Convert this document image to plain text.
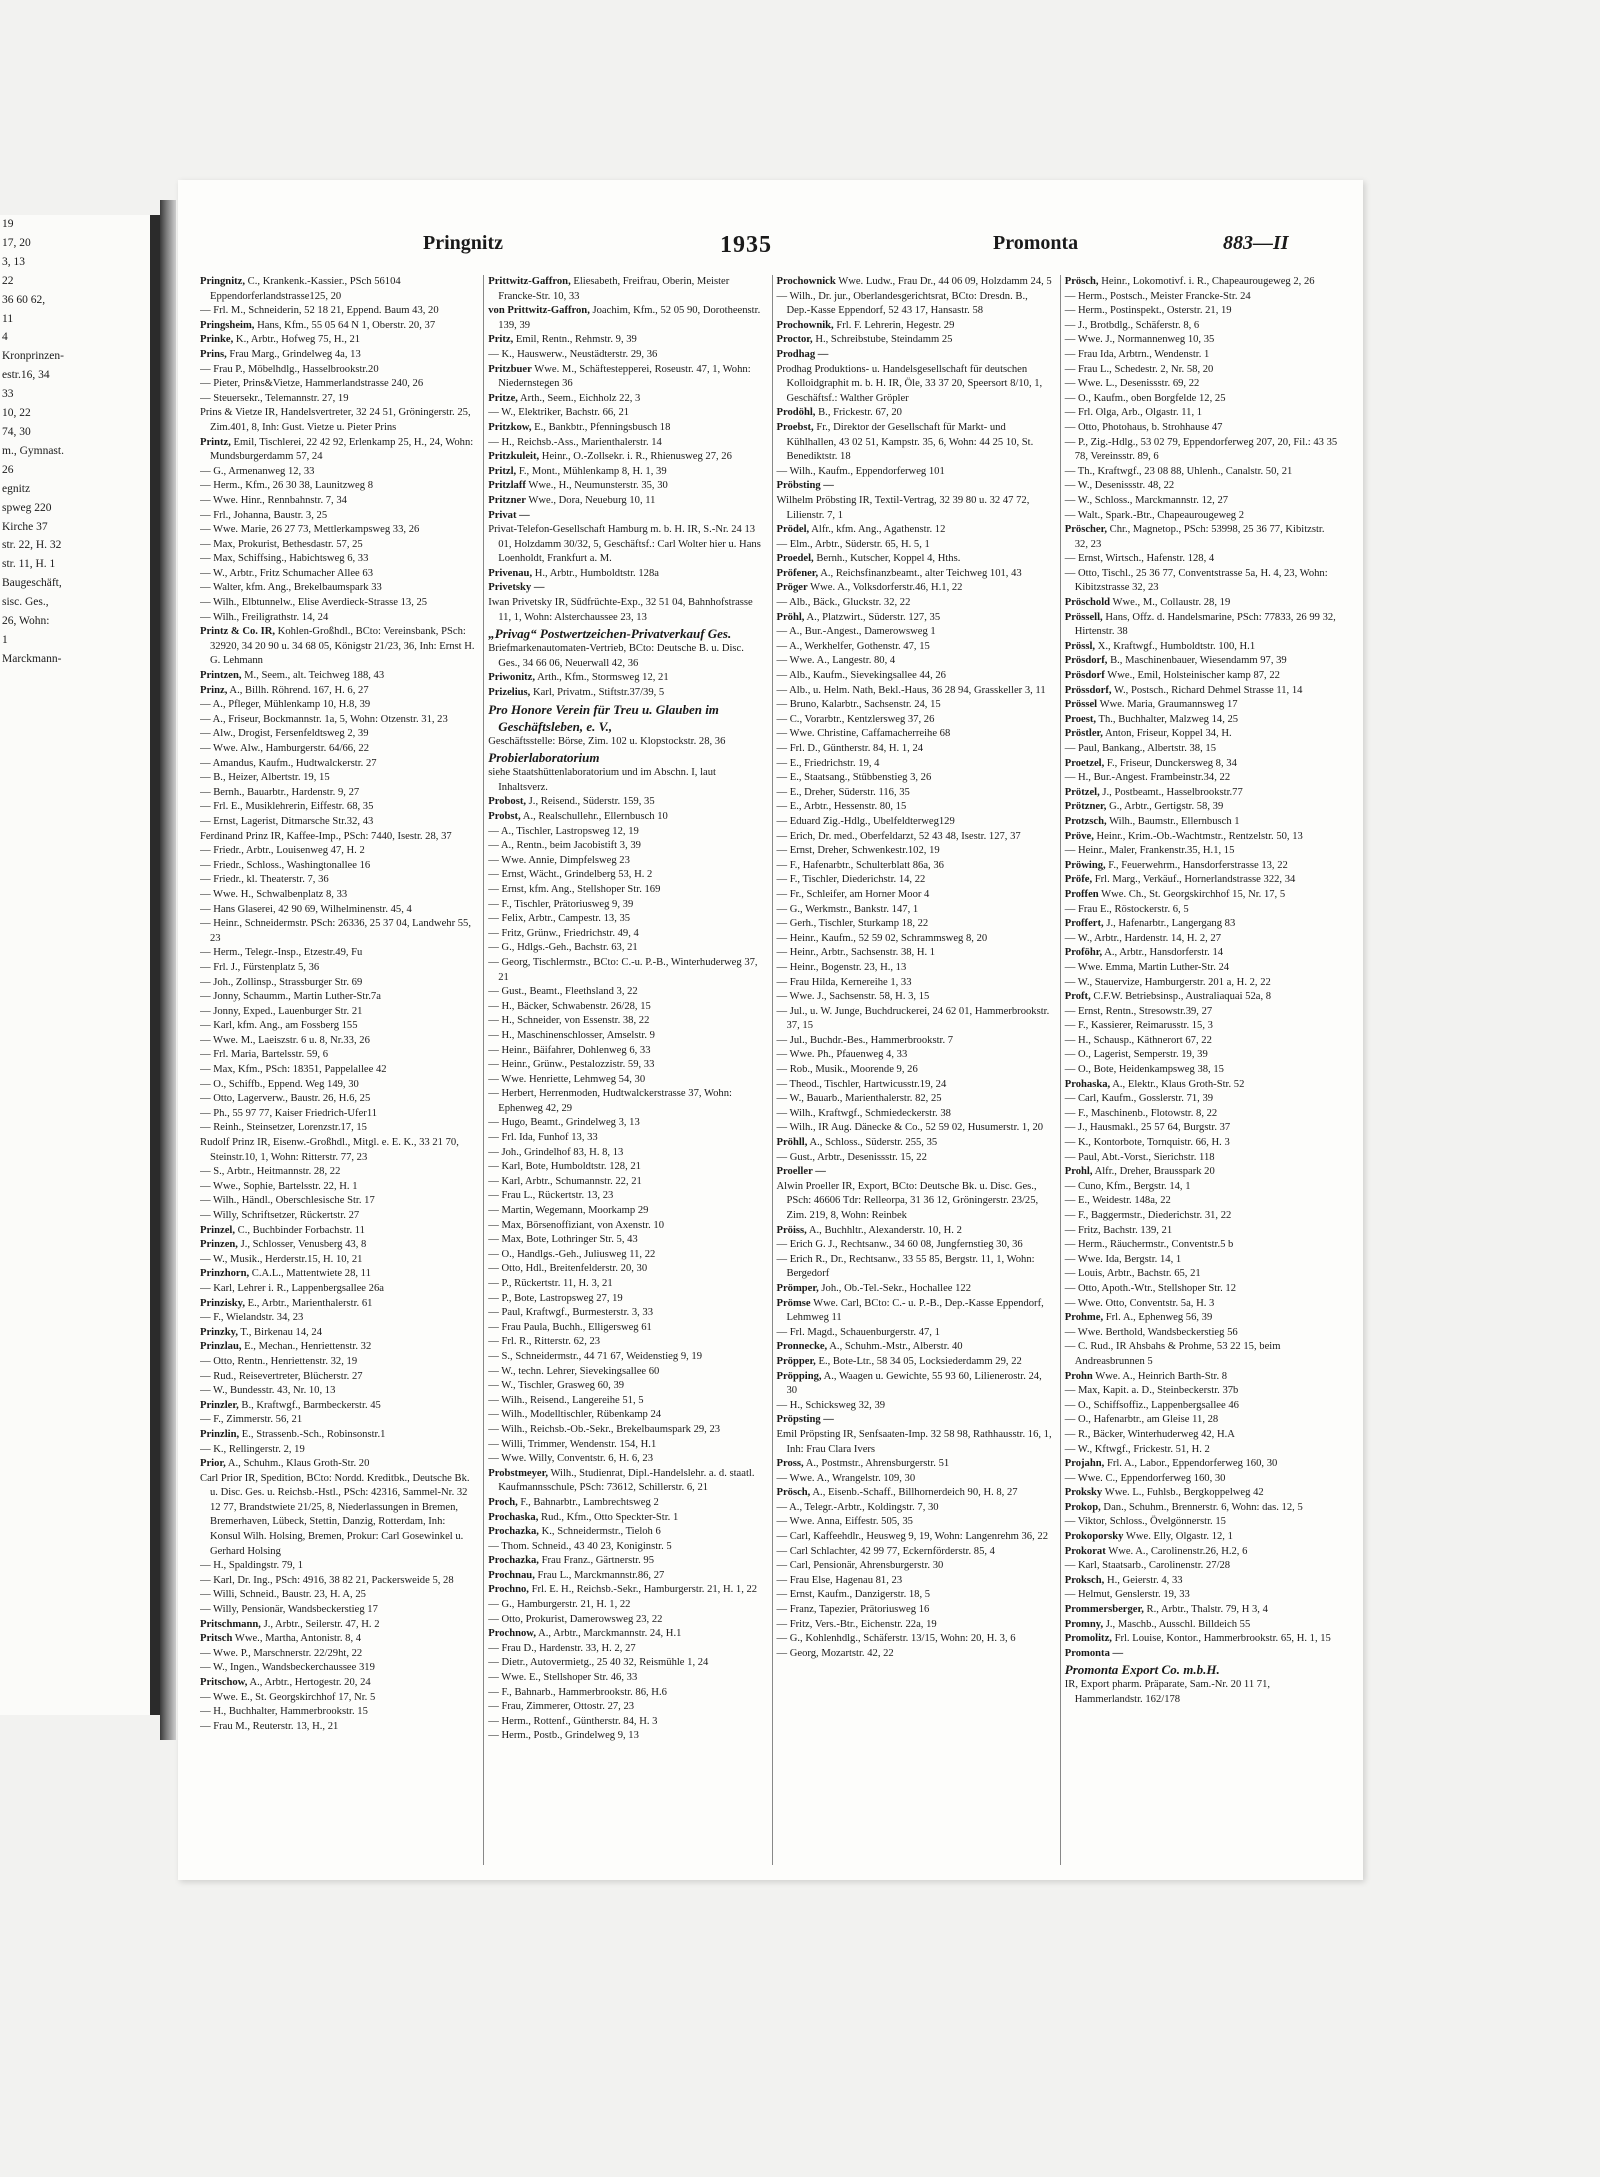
19
17, 20
3, 13
22
36 60 62,
11
4
Kronprinzen-
estr.16, 34
33
10, 22
74, 30
m., Gymnast.
26
egnitz
spweg 220
Kirche 37
str. 22, H. 32
str. 11, H. 1
Baugeschäft,
sisc. Ges.,
26, Wohn:
1
Marckmann-
Pringnitz	1935	Promonta	883—II
Pringnitz, C., Krankenk.-Kassier., PSch 56104 Eppendorferlandstrasse125, 20
— Frl. M., Schneiderin, 52 18 21, Eppend. Baum 43, 20
Pringsheim, Hans, Kfm., 55 05 64 N 1, Oberstr. 20, 37
Prinke, K., Arbtr., Hofweg 75, H., 21
Prins, Frau Marg., Grindelweg 4a, 13
— Frau P., Möbelhdlg., Hasselbrookstr.20
— Pieter, Prins&Vietze, Hammerlandstrasse 240, 26
— Steuersekr., Telemannstr. 27, 19
Prins & Vietze IR, Handelsvertreter, 32 24 51, Gröningerstr. 25, Zim.401, 8, Inh: Gust. Vietze u. Pieter Prins
Printz, Emil, Tischlerei, 22 42 92, Erlenkamp 25, H., 24, Wohn: Mundsburgerdamm 57, 24
— G., Armenanweg 12, 33
— Herm., Kfm., 26 30 38, Launitzweg 8
— Wwe. Hinr., Rennbahnstr. 7, 34
— Frl., Johanna, Baustr. 3, 25
— Wwe. Marie, 26 27 73, Mettlerkampsweg 33, 26
— Max, Prokurist, Bethesdastr. 57, 25
— Max, Schiffsing., Habichtsweg 6, 33
— W., Arbtr., Fritz Schumacher Allee 63
— Walter, kfm. Ang., Brekelbaumspark 33
— Wilh., Elbtunnelw., Elise Averdieck-Strasse 13, 25
— Wilh., Freiligrathstr. 14, 24
Printz & Co. IR, Kohlen-Großhdl., BCto: Vereinsbank, PSch: 32920, 34 20 90 u. 34 68 05, Königstr 21/23, 36, Inh: Ernst H. G. Lehmann
Printzen, M., Seem., alt. Teichweg 188, 43
Prinz, A., Billh. Röhrend. 167, H. 6, 27
— A., Pfleger, Mühlenkamp 10, H.8, 39
— A., Friseur, Bockmannstr. 1a, 5, Wohn: Otzenstr. 31, 23
— Alw., Drogist, Fersenfeldtsweg 2, 39
— Wwe. Alw., Hamburgerstr. 64/66, 22
— Amandus, Kaufm., Hudtwalckerstr. 27
— B., Heizer, Albertstr. 19, 15
— Bernh., Bauarbtr., Hardenstr. 9, 27
— Frl. E., Musiklehrerin, Eiffestr. 68, 35
— Ernst, Lagerist, Ditmarsche Str.32, 43
Ferdinand Prinz IR, Kaffee-Imp., PSch: 7440, Isestr. 28, 37
— Friedr., Arbtr., Louisenweg 47, H. 2
— Friedr., Schloss., Washingtonallee 16
— Friedr., kl. Theaterstr. 7, 36
— Wwe. H., Schwalbenplatz 8, 33
— Hans Glaserei, 42 90 69, Wilhelminenstr. 45, 4
— Heinr., Schneidermstr. PSch: 26336, 25 37 04, Landwehr 55, 23
— Herm., Telegr.-Insp., Etzestr.49, Fu
— Frl. J., Fürstenplatz 5, 36
— Joh., Zollinsp., Strassburger Str. 69
— Jonny, Schaumm., Martin Luther-Str.7a
— Jonny, Exped., Lauenburger Str. 21
— Karl, kfm. Ang., am Fossberg 155
— Wwe. M., Laeiszstr. 6 u. 8, Nr.33, 26
— Frl. Maria, Bartelsstr. 59, 6
— Max, Kfm., PSch: 18351, Pappelallee 42
— O., Schiffb., Eppend. Weg 149, 30
— Otto, Lagerverw., Baustr. 26, H.6, 25
— Ph., 55 97 77, Kaiser Friedrich-Ufer11
— Reinh., Steinsetzer, Lorenzstr.17, 15
Rudolf Prinz IR, Eisenw.-Großhdl., Mitgl. e. E. K., 33 21 70, Steinstr.10, 1, Wohn: Ritterstr. 77, 23
— S., Arbtr., Heitmannstr. 28, 22
— Wwe., Sophie, Bartelsstr. 22, H. 1
— Wilh., Händl., Oberschlesische Str. 17
— Willy, Schriftsetzer, Rückertstr. 27
Prinzel, C., Buchbinder Forbachstr. 11
Prinzen, J., Schlosser, Venusberg 43, 8
— W., Musik., Herderstr.15, H. 10, 21
Prinzhorn, C.A.L., Mattentwiete 28, 11
— Karl, Lehrer i. R., Lappenbergsallee 26a
Prinzisky, E., Arbtr., Marienthalerstr. 61
— F., Wielandstr. 34, 23
Prinzky, T., Birkenau 14, 24
Prinzlau, E., Mechan., Henriettenstr. 32
— Otto, Rentn., Henriettenstr. 32, 19
— Rud., Reisevertreter, Blücherstr. 27
— W., Bundesstr. 43, Nr. 10, 13
Prinzler, B., Kraftwgf., Barmbeckerstr. 45
— F., Zimmerstr. 56, 21
Prinzlin, E., Strassenb.-Sch., Robinsonstr.1
— K., Rellingerstr. 2, 19
Prior, A., Schuhm., Klaus Groth-Str. 20
Carl Prior IR, Spedition, BCto: Nordd. Kreditbk., Deutsche Bk. u. Disc. Ges. u. Reichsb.-Hstl., PSch: 42316, Sammel-Nr. 32 12 77, Brandstwiete 21/25, 8, Niederlassungen in Bremen, Bremerhaven, Lübeck, Stettin, Danzig, Rotterdam, Inh: Konsul Wilh. Holsing, Bremen, Prokur: Carl Gosewinkel u. Gerhard Holsing
— H., Spaldingstr. 79, 1
— Karl, Dr. Ing., PSch: 4916, 38 82 21, Packersweide 5, 28
— Willi, Schneid., Baustr. 23, H. A, 25
— Willy, Pensionär, Wandsbeckerstieg 17
Pritschmann, J., Arbtr., Seilerstr. 47, H. 2
Pritsch Wwe., Martha, Antonistr. 8, 4
— Wwe. P., Marschnerstr. 22/29ht, 22
— W., Ingen., Wandsbeckerchaussee 319
Pritschow, A., Arbtr., Hertogestr. 20, 24
— Wwe. E., St. Georgskirchhof 17, Nr. 5
— H., Buchhalter, Hammerbrookstr. 15
— Frau M., Reuterstr. 13, H., 21
Prittwitz-Gaffron, Eliesabeth, Freifrau, Oberin, Meister Francke-Str. 10, 33
von Prittwitz-Gaffron, Joachim, Kfm., 52 05 90, Dorotheenstr. 139, 39
Pritz, Emil, Rentn., Rehmstr. 9, 39
— K., Hauswerw., Neustädterstr. 29, 36
Pritzbuer Wwe. M., Schäftestepperei, Roseustr. 47, 1, Wohn: Niedernstegen 36
Pritze, Arth., Seem., Eichholz 22, 3
— W., Elektriker, Bachstr. 66, 21
Pritzkow, E., Bankbtr., Pfenningsbusch 18
— H., Reichsb.-Ass., Marienthalerstr. 14
Pritzkuleit, Heinr., O.-Zollsekr. i. R., Rhienusweg 27, 26
Pritzl, F., Mont., Mühlenkamp 8, H. 1, 39
Pritzlaff Wwe., H., Neumunsterstr. 35, 30
Pritzner Wwe., Dora, Neueburg 10, 11
Privat —
Privat-Telefon-Gesellschaft Hamburg m. b. H. IR, S.-Nr. 24 13 01, Holzdamm 30/32, 5, Geschäftsf.: Carl Wolter hier u. Hans Loenholdt, Frankfurt a. M.
Privenau, H., Arbtr., Humboldtstr. 128a
Privetsky —
Iwan Privetsky IR, Südfrüchte-Exp., 32 51 04, Bahnhofstrasse 11, 1, Wohn: Alsterchaussee 23, 13
„Privag“ Postwertzeichen-Privatverkauf Ges.
Briefmarkenautomaten-Vertrieb, BCto: Deutsche B. u. Disc. Ges., 34 66 06, Neuerwall 42, 36
Priwonitz, Arth., Kfm., Stormsweg 12, 21
Prizelius, Karl, Privatm., Stiftstr.37/39, 5
Pro Honore Verein für Treu u. Glauben im Geschäftsleben, e. V.,
Geschäftsstelle: Börse, Zim. 102 u. Klopstockstr. 28, 36
Probierlaboratorium
siehe Staatshüttenlaboratorium und im Abschn. I, laut Inhaltsverz.
Probost, J., Reisend., Süderstr. 159, 35
Probst, A., Realschullehr., Ellernbusch 10
— A., Tischler, Lastropsweg 12, 19
— A., Rentn., beim Jacobistift 3, 39
— Wwe. Annie, Dimpfelsweg 23
— Ernst, Wächt., Grindelberg 53, H. 2
— Ernst, kfm. Ang., Stellshoper Str. 169
— F., Tischler, Prätoriusweg 9, 39
— Felix, Arbtr., Campestr. 13, 35
— Fritz, Grünw., Friedrichstr. 49, 4
— G., Hdlgs.-Geh., Bachstr. 63, 21
— Georg, Tischlermstr., BCto: C.-u. P.-B., Winterhuderweg 37, 21
— Gust., Beamt., Fleethsland 3, 22
— H., Bäcker, Schwabenstr. 26/28, 15
— H., Schneider, von Essenstr. 38, 22
— H., Maschinenschlosser, Amselstr. 9
— Heinr., Bäifahrer, Dohlenweg 6, 33
— Heinr., Grünw., Pestalozzistr. 59, 33
— Wwe. Henriette, Lehmweg 54, 30
— Herbert, Herrenmoden, Hudtwalckerstrasse 37, Wohn: Ephenweg 42, 29
— Hugo, Beamt., Grindelweg 3, 13
— Frl. Ida, Funhof 13, 33
— Joh., Grindelhof 83, H. 8, 13
— Karl, Bote, Humboldtstr. 128, 21
— Karl, Arbtr., Schumannstr. 22, 21
— Frau L., Rückertstr. 13, 23
— Martin, Wegemann, Moorkamp 29
— Max, Börsenoffiziant, von Axenstr. 10
— Max, Bote, Lothringer Str. 5, 43
— O., Handlgs.-Geh., Juliusweg 11, 22
— Otto, Hdl., Breitenfelderstr. 20, 30
— P., Rückertstr. 11, H. 3, 21
— P., Bote, Lastropsweg 27, 19
— Paul, Kraftwgf., Burmesterstr. 3, 33
— Frau Paula, Buchh., Elligersweg 61
— Frl. R., Ritterstr. 62, 23
— S., Schneidermstr., 44 71 67, Weidenstieg 9, 19
— W., techn. Lehrer, Sievekingsallee 60
— W., Tischler, Grasweg 60, 39
— Wilh., Reisend., Langereihe 51, 5
— Wilh., Modelltischler, Rübenkamp 24
— Wilh., Reichsb.-Ob.-Sekr., Brekelbaumspark 29, 23
— Willi, Trimmer, Wendenstr. 154, H.1
— Wwe. Willy, Conventstr. 6, H. 6, 23
Probstmeyer, Wilh., Studienrat, Dipl.-Handelslehr. a. d. staatl. Kaufmannsschule, PSch: 73612, Schillerstr. 6, 21
Proch, F., Bahnarbtr., Lambrechtsweg 2
Prochaska, Rud., Kfm., Otto Speckter-Str. 1
Prochazka, K., Schneidermstr., Tieloh 6
— Thom. Schneid., 43 40 23, Koniginstr. 5
Prochazka, Frau Franz., Gärtnerstr. 95
Prochnau, Frau L., Marckmannstr.86, 27
Prochno, Frl. E. H., Reichsb.-Sekr., Hamburgerstr. 21, H. 1, 22
— G., Hamburgerstr. 21, H. 1, 22
— Otto, Prokurist, Damerowsweg 23, 22
Prochnow, A., Arbtr., Marckmannstr. 24, H.1
— Frau D., Hardenstr. 33, H. 2, 27
— Dietr., Autovermietg., 25 40 32, Reismühle 1, 24
— Wwe. E., Stellshoper Str. 46, 33
— F., Bahnarb., Hammerbrookstr. 86, H.6
— Frau, Zimmerer, Ottostr. 27, 23
— Herm., Rottenf., Güntherstr. 84, H. 3
— Herm., Postb., Grindelweg 9, 13
Prochownick Wwe. Ludw., Frau Dr., 44 06 09, Holzdamm 24, 5
— Wilh., Dr. jur., Oberlandesgerichtsrat, BCto: Dresdn. B., Dep.-Kasse Eppendorf, 52 43 17, Hansastr. 58
Prochownik, Frl. F. Lehrerin, Hegestr. 29
Proctor, H., Schreibstube, Steindamm 25
Prodhag —
Prodhag Produktions- u. Handelsgesellschaft für deutschen Kolloidgraphit m. b. H. IR, Öle, 33 37 20, Speersort 8/10, 1, Geschäftsf.: Walther Gröpler
Prodöhl, B., Frickestr. 67, 20
Proebst, Fr., Direktor der Gesellschaft für Markt- und Kühlhallen, 43 02 51, Kampstr. 35, 6, Wohn: 44 25 10, St. Benediktstr. 18
— Wilh., Kaufm., Eppendorferweg 101
Pröbsting —
Wilhelm Pröbsting IR, Textil-Vertrag, 32 39 80 u. 32 47 72, Lilienstr. 7, 1
Prödel, Alfr., kfm. Ang., Agathenstr. 12
— Elm., Arbtr., Süderstr. 65, H. 5, 1
Proedel, Bernh., Kutscher, Koppel 4, Hths.
Pröfener, A., Reichsfinanzbeamt., alter Teichweg 101, 43
Pröger Wwe. A., Volksdorferstr.46, H.1, 22
— Alb., Bäck., Gluckstr. 32, 22
Pröhl, A., Platzwirt., Süderstr. 127, 35
— A., Bur.-Angest., Damerowsweg 1
— A., Werkhelfer, Gothenstr. 47, 15
— Wwe. A., Langestr. 80, 4
— Alb., Kaufm., Sievekingsallee 44, 26
— Alb., u. Helm. Nath, Bekl.-Haus, 36 28 94, Grasskeller 3, 11
— Bruno, Kalarbtr., Sachsenstr. 24, 15
— C., Vorarbtr., Kentzlersweg 37, 26
— Wwe. Christine, Caffamacherreihe 68
— Frl. D., Güntherstr. 84, H. 1, 24
— E., Friedrichstr. 19, 4
— E., Staatsang., Stübbenstieg 3, 26
— E., Dreher, Süderstr. 116, 35
— E., Arbtr., Hessenstr. 80, 15
— Eduard Zig.-Hdlg., Ubelfeldterweg129
— Erich, Dr. med., Oberfeldarzt, 52 43 48, Isestr. 127, 37
— Ernst, Dreher, Schwenkestr.102, 19
— F., Hafenarbtr., Schulterblatt 86a, 36
— F., Tischler, Diederichstr. 14, 22
— Fr., Schleifer, am Horner Moor 4
— G., Werkmstr., Bankstr. 147, 1
— Gerh., Tischler, Sturkamp 18, 22
— Heinr., Kaufm., 52 59 02, Schrammsweg 8, 20
— Heinr., Arbtr., Sachsenstr. 38, H. 1
— Heinr., Bogenstr. 23, H., 13
— Frau Hilda, Kernereihe 1, 33
— Wwe. J., Sachsenstr. 58, H. 3, 15
— Jul., u. W. Junge, Buchdruckerei, 24 62 01, Hammerbrookstr. 37, 15
— Jul., Buchdr.-Bes., Hammerbrookstr. 7
— Wwe. Ph., Pfauenweg 4, 33
— Rob., Musik., Moorende 9, 26
— Theod., Tischler, Hartwicusstr.19, 24
— W., Bauarb., Marienthalerstr. 82, 25
— Wilh., Kraftwgf., Schmiedeckerstr. 38
— Wilh., IR Aug. Dänecke & Co., 52 59 02, Husumerstr. 1, 20
Pröhll, A., Schloss., Süderstr. 255, 35
— Gust., Arbtr., Desenissstr. 15, 22
Proeller —
Alwin Proeller IR, Export, BCto: Deutsche Bk. u. Disc. Ges., PSch: 46606 Tdr: Relleorpa, 31 36 12, Gröningerstr. 23/25, Zim. 219, 8, Wohn: Reinbek
Pröiss, A., Buchhltr., Alexanderstr. 10, H. 2
— Erich G. J., Rechtsanw., 34 60 08, Jungfernstieg 30, 36
— Erich R., Dr., Rechtsanw., 33 55 85, Bergstr. 11, 1, Wohn: Bergedorf
Prömper, Joh., Ob.-Tel.-Sekr., Hochallee 122
Prömse Wwe. Carl, BCto: C.- u. P.-B., Dep.-Kasse Eppendorf, Lehmweg 11
— Frl. Magd., Schauenburgerstr. 47, 1
Pronnecke, A., Schuhm.-Mstr., Alberstr. 40
Pröpper, E., Bote-Ltr., 58 34 05, Locksiederdamm 29, 22
Pröpping, A., Waagen u. Gewichte, 55 93 60, Lilienerostr. 24, 30
— H., Schicksweg 32, 39
Pröpsting —
Emil Pröpsting IR, Senfsaaten-Imp. 32 58 98, Rathhausstr. 16, 1, Inh: Frau Clara Ivers
Pross, A., Postmstr., Ahrensburgerstr. 51
— Wwe. A., Wrangelstr. 109, 30
Prösch, A., Eisenb.-Schaff., Billhornerdeich 90, H. 8, 27
— A., Telegr.-Arbtr., Koldingstr. 7, 30
— Wwe. Anna, Eiffestr. 505, 35
— Carl, Kaffeehdlr., Heusweg 9, 19, Wohn: Langenrehm 36, 22
— Carl Schlachter, 42 99 77, Eckernförderstr. 85, 4
— Carl, Pensionär, Ahrensburgerstr. 30
— Frau Else, Hagenau 81, 23
— Ernst, Kaufm., Danzigerstr. 18, 5
— Franz, Tapezier, Prätoriusweg 16
— Fritz, Vers.-Btr., Eichenstr. 22a, 19
— G., Kohlenhdlg., Schäferstr. 13/15, Wohn: 20, H. 3, 6
— Georg, Mozartstr. 42, 22
Prösch, Heinr., Lokomotivf. i. R., Chapeaurougeweg 2, 26
— Herm., Postsch., Meister Francke-Str. 24
— Herm., Postinspekt., Osterstr. 21, 19
— J., Brotbdlg., Schäferstr. 8, 6
— Wwe. J., Normannenweg 10, 35
— Frau Ida, Arbtrn., Wendenstr. 1
— Frau L., Schedestr. 2, Nr. 58, 20
— Wwe. L., Desenissstr. 69, 22
— O., Kaufm., oben Borgfelde 12, 25
— Frl. Olga, Arb., Olgastr. 11, 1
— Otto, Photohaus, b. Strohhause 47
— P., Zig.-Hdlg., 53 02 79, Eppendorferweg 207, 20, Fil.: 43 35 78, Vereinsstr. 89, 6
— Th., Kraftwgf., 23 08 88, Uhlenh., Canalstr. 50, 21
— W., Desenissstr. 48, 22
— W., Schloss., Marckmannstr. 12, 27
— Walt., Spark.-Btr., Chapeaurougeweg 2
Pröscher, Chr., Magnetop., PSch: 53998, 25 36 77, Kibitzstr. 32, 23
— Ernst, Wirtsch., Hafenstr. 128, 4
— Otto, Tischl., 25 36 77, Conventstrasse 5a, H. 4, 23, Wohn: Kibitzstrasse 32, 23
Pröschold Wwe., M., Collaustr. 28, 19
Prössell, Hans, Offz. d. Handelsmarine, PSch: 77833, 26 99 32, Hirtenstr. 38
Prössl, X., Kraftwgf., Humboldtstr. 100, H.1
Prösdorf, B., Maschinenbauer, Wiesendamm 97, 39
Prösdorf Wwe., Emil, Holsteinischer kamp 87, 22
Prössdorf, W., Postsch., Richard Dehmel Strasse 11, 14
Prössel Wwe. Maria, Graumannsweg 17
Proest, Th., Buchhalter, Malzweg 14, 25
Pröstler, Anton, Friseur, Koppel 34, H.
— Paul, Bankang., Albertstr. 38, 15
Proetzel, F., Friseur, Dunckersweg 8, 34
— H., Bur.-Angest. Frambeinstr.34, 22
Prötzel, J., Postbeamt., Hasselbrookstr.77
Prötzner, G., Arbtr., Gertigstr. 58, 39
Protzsch, Wilh., Baumstr., Ellernbusch 1
Pröve, Heinr., Krim.-Ob.-Wachtmstr., Rentzelstr. 50, 13
— Heinr., Maler, Frankenstr.35, H.1, 15
Pröwing, F., Feuerwehrm., Hansdorferstrasse 13, 22
Pröfe, Frl. Marg., Verkäuf., Hornerlandstrasse 322, 34
Proffen Wwe. Ch., St. Georgskirchhof 15, Nr. 17, 5
— Frau E., Röstockerstr. 6, 5
Proffert, J., Hafenarbtr., Langergang 83
— W., Arbtr., Hardenstr. 14, H. 2, 27
Proföhr, A., Arbtr., Hansdorferstr. 14
— Wwe. Emma, Martin Luther-Str. 24
— W., Stauervize, Hamburgerstr. 201 a, H. 2, 22
Proft, C.F.W. Betriebsinsp., Australiaquai 52a, 8
— Ernst, Rentn., Stresowstr.39, 27
— F., Kassierer, Reimarusstr. 15, 3
— H., Schausp., Käthnerort 67, 22
— O., Lagerist, Semperstr. 19, 39
— O., Bote, Heidenkampsweg 38, 15
Prohaska, A., Elektr., Klaus Groth-Str. 52
— Carl, Kaufm., Gosslerstr. 71, 39
— F., Maschinenb., Flotowstr. 8, 22
— J., Hausmakl., 25 57 64, Burgstr. 37
— K., Kontorbote, Tornquistr. 66, H. 3
— Paul, Abt.-Vorst., Sierichstr. 118
Prohl, Alfr., Dreher, Brausspark 20
— Cuno, Kfm., Bergstr. 14, 1
— E., Weidestr. 148a, 22
— F., Baggermstr., Diederichstr. 31, 22
— Fritz, Bachstr. 139, 21
— Herm., Räuchermstr., Conventstr.5 b
— Wwe. Ida, Bergstr. 14, 1
— Louis, Arbtr., Bachstr. 65, 21
— Otto, Apoth.-Wtr., Stellshoper Str. 12
— Wwe. Otto, Conventstr. 5a, H. 3
Prohme, Frl. A., Ephenweg 56, 39
— Wwe. Berthold, Wandsbeckerstieg 56
— C. Rud., IR Ahsbahs & Prohme, 53 22 15, beim Andreasbrunnen 5
Prohn Wwe. A., Heinrich Barth-Str. 8
— Max, Kapit. a. D., Steinbeckerstr. 37b
— O., Schiffsoffiz., Lappenbergsallee 46
— O., Hafenarbtr., am Gleise 11, 28
— R., Bäcker, Winterhuderweg 42, H.A
— W., Kftwgf., Frickestr. 51, H. 2
Projahn, Frl. A., Labor., Eppendorferweg 160, 30
— Wwe. C., Eppendorferweg 160, 30
Proksky Wwe. L., Fuhlsb., Bergkoppelweg 42
Prokop, Dan., Schuhm., Brennerstr. 6, Wohn: das. 12, 5
— Viktor, Schloss., Övelgönnerstr. 15
Prokoporsky Wwe. Elly, Olgastr. 12, 1
Prokorat Wwe. A., Carolinenstr.26, H.2, 6
— Karl, Staatsarb., Carolinenstr. 27/28
Proksch, H., Geierstr. 4, 33
— Helmut, Genslerstr. 19, 33
Prommersberger, R., Arbtr., Thalstr. 79, H 3, 4
Promny, J., Maschb., Ausschl. Billdeich 55
Promolitz, Frl. Louise, Kontor., Hammerbrookstr. 65, H. 1, 15
Promonta —
Promonta Export Co. m.b.H.
IR, Export pharm. Präparate, Sam.-Nr. 20 11 71, Hammerlandstr. 162/178
